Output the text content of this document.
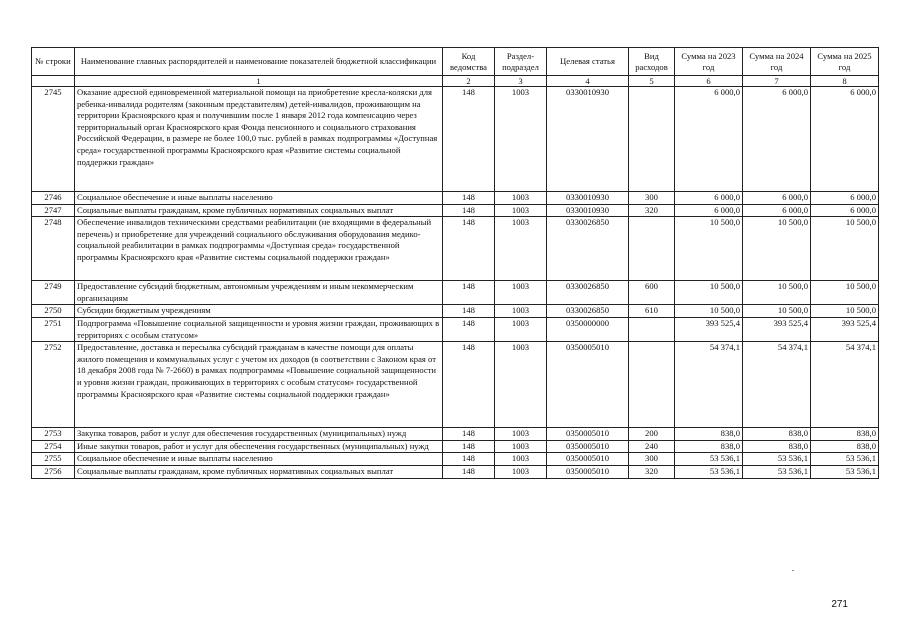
№ строки	Наименование главных распорядителей и наименование показателей бюджетной классификации	Код ведомства	Раздел-подраздел	Целевая статья	Вид расходов	Сумма на 2023 год	Сумма на 2024 год	Сумма на 2025 год
	1	2	3	4	5	6	7	8
2745	Оказание адресной единовременной материальной помощи на приобретение кресла-коляски для ребенка-инвалида родителям (законным представителям) детей-инвалидов, проживающим на территории Красноярского края и получившим после 1 января 2012 года компенсацию через территориальный орган Красноярского края Фонда пенсионного и социального страхования Российской Федерации, в размере не более 100,0 тыс. рублей в рамках подпрограммы «Доступная среда» государственной программы Красноярского края «Развитие системы социальной поддержки граждан»	148	1003	0330010930		6 000,0	6 000,0	6 000,0
2746	Социальное обеспечение и иные выплаты населению	148	1003	0330010930	300	6 000,0	6 000,0	6 000,0
2747	Социальные выплаты гражданам, кроме публичных нормативных социальных выплат	148	1003	0330010930	320	6 000,0	6 000,0	6 000,0
2748	Обеспечение инвалидов техническими средствами реабилитации (не входящими в федеральный перечень) и приобретение для учреждений социального обслуживания оборудования медико-социальной реабилитации в рамках подпрограммы «Доступная среда» государственной программы Красноярского края «Развитие системы социальной поддержки граждан»	148	1003	0330026850		10 500,0	10 500,0	10 500,0
2749	Предоставление субсидий бюджетным, автономным учреждениям и иным некоммерческим организациям	148	1003	0330026850	600	10 500,0	10 500,0	10 500,0
2750	Субсидии бюджетным учреждениям	148	1003	0330026850	610	10 500,0	10 500,0	10 500,0
2751	Подпрограмма «Повышение социальной защищенности и уровня жизни граждан, проживающих в территориях с особым статусом»	148	1003	0350000000		393 525,4	393 525,4	393 525,4
2752	Предоставление, доставка и пересылка субсидий гражданам в качестве помощи для оплаты жилого помещения и коммунальных услуг с учетом их доходов (в соответствии с Законом края от 18 декабря 2008 года № 7-2660) в рамках подпрограммы «Повышение социальной защищенности и уровня жизни граждан, проживающих в территориях с особым статусом» государственной программы Красноярского края «Развитие системы социальной поддержки граждан»	148	1003	0350005010		54 374,1	54 374,1	54 374,1
2753	Закупка товаров, работ и услуг для обеспечения государственных (муниципальных) нужд	148	1003	0350005010	200	838,0	838,0	838,0
2754	Иные закупки товаров, работ и услуг для обеспечения государственных (муниципальных) нужд	148	1003	0350005010	240	838,0	838,0	838,0
2755	Социальное обеспечение и иные выплаты населению	148	1003	0350005010	300	53 536,1	53 536,1	53 536,1
2756	Социальные выплаты гражданам, кроме публичных нормативных социальных выплат	148	1003	0350005010	320	53 536,1	53 536,1	53 536,1
271
